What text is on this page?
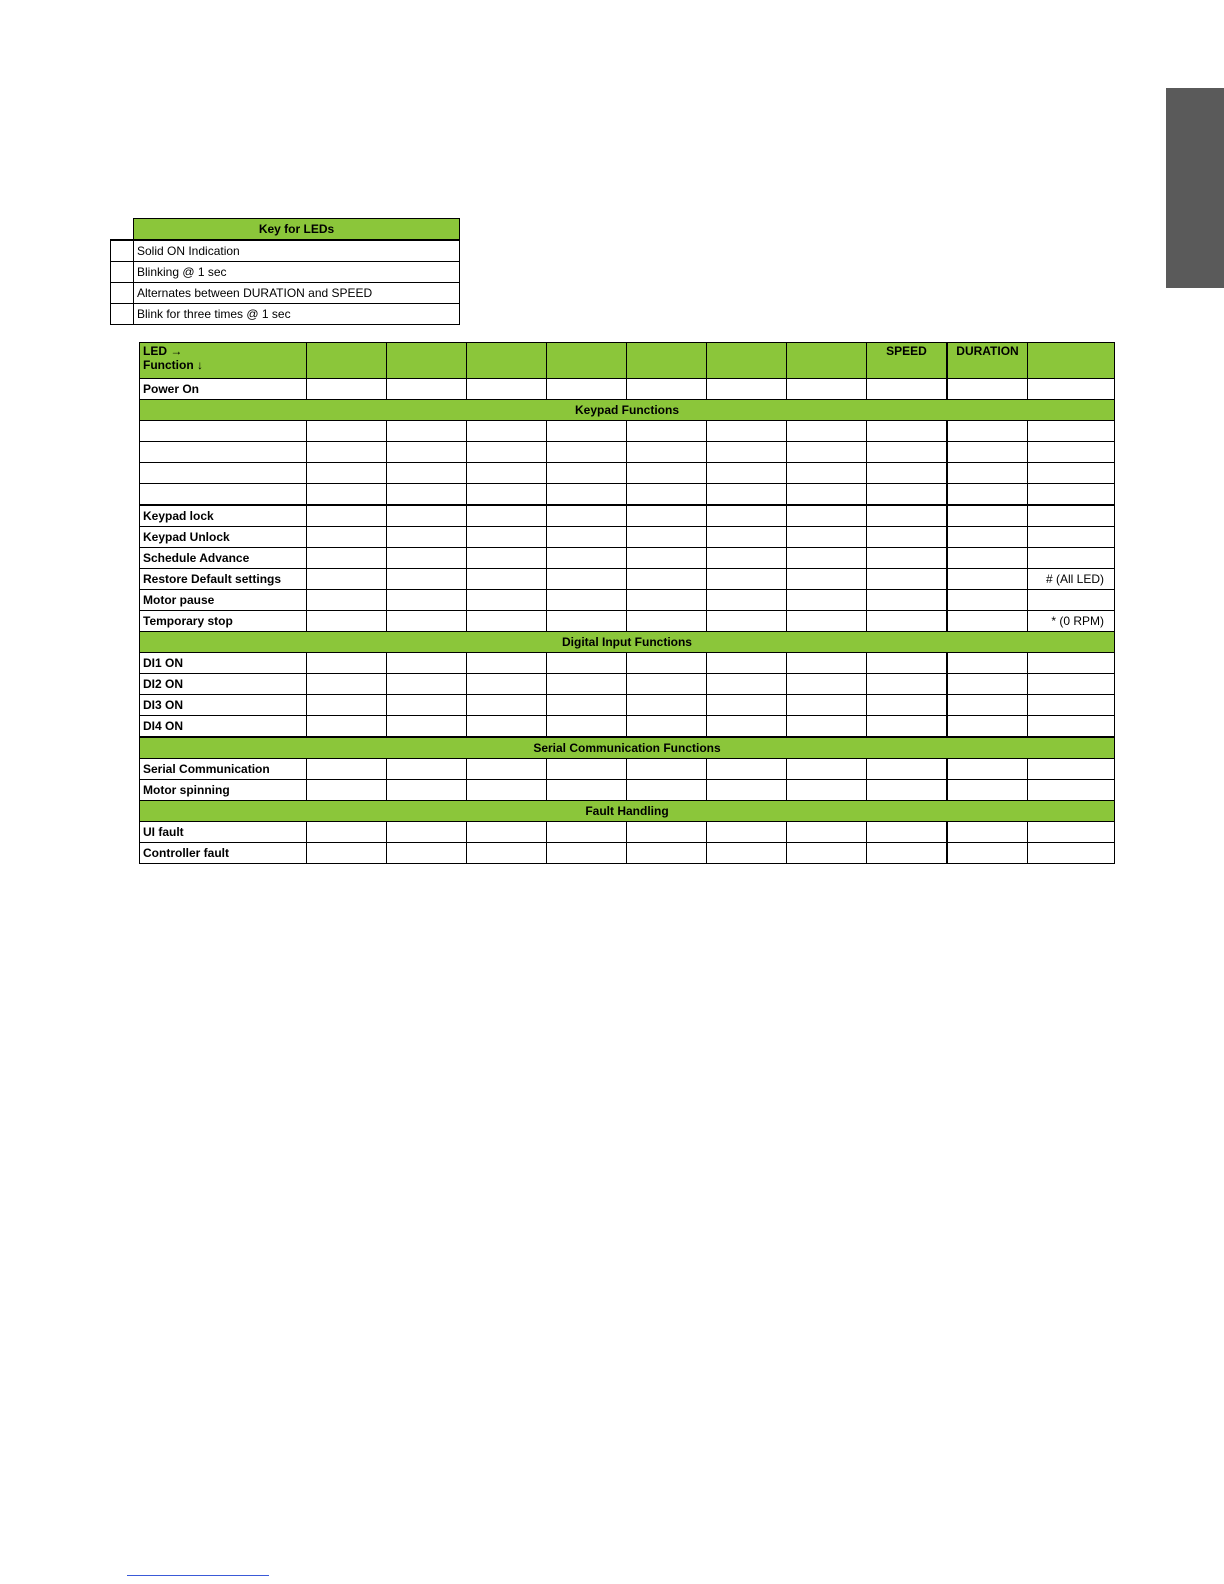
	Key for LEDs
	Solid ON Indication
	Blinking @ 1 sec
	Alternates between DURATION and SPEED
	Blink for three times @ 1 sec
LED →
Function ↓								SPEED	DURATION	
Power On										
Keypad Functions										

Keypad lock										
Keypad Unlock										
Schedule Advance										
Restore Default settings										# (All LED)
Motor pause										
Temporary stop										* (0 RPM)
Digital Input Functions										
DI1 ON										
DI2 ON										
DI3 ON										
DI4 ON										
Serial Communication Functions										
Serial Communication										
Motor spinning										
Fault Handling										
UI fault										
Controller fault										
